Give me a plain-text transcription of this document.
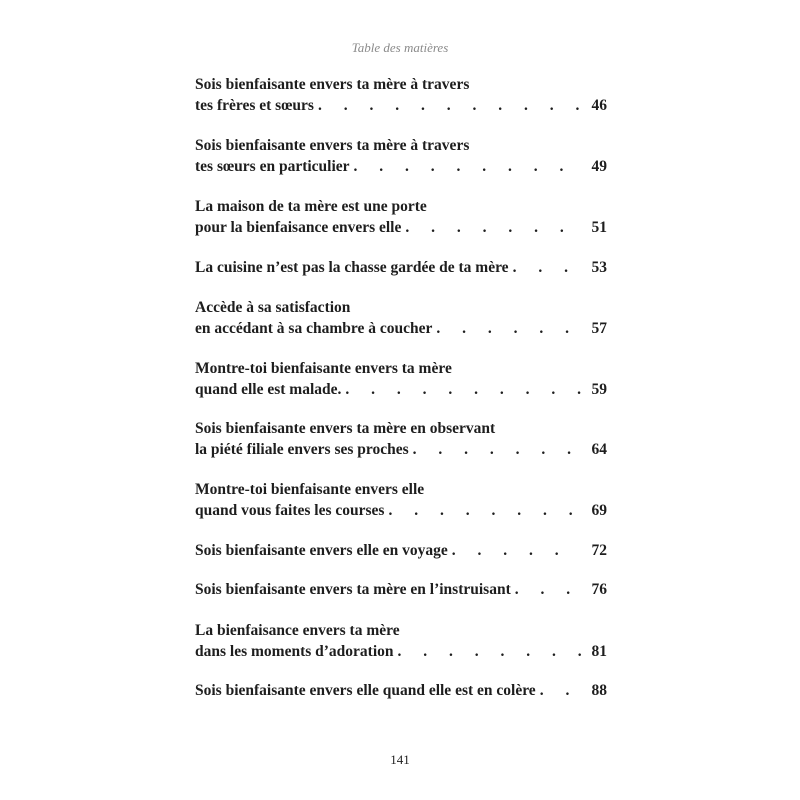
Table des matières
Sois bienfaisante envers ta mère à travers
tes frères et sœurs . . .	46
Sois bienfaisante envers ta mère à travers
tes sœurs en particulier . . .	49
La maison de ta mère est une porte
pour la bienfaisance envers elle . . .	51
La cuisine n’est pas la chasse gardée de ta mère . . .	53
Accède à sa satisfaction
en accédant à sa chambre à coucher . . .	57
Montre-toi bienfaisante envers ta mère
quand elle est malade. . . .	59
Sois bienfaisante envers ta mère en observant
la piété filiale envers ses proches . . .	64
Montre-toi bienfaisante envers elle
quand vous faites les courses . . .	69
Sois bienfaisante envers elle en voyage . . .	72
Sois bienfaisante envers ta mère en l’instruisant . . .	76
La bienfaisance envers ta mère
dans les moments d’adoration . . .	81
Sois bienfaisante envers elle quand elle est en colère . . .	88
141
